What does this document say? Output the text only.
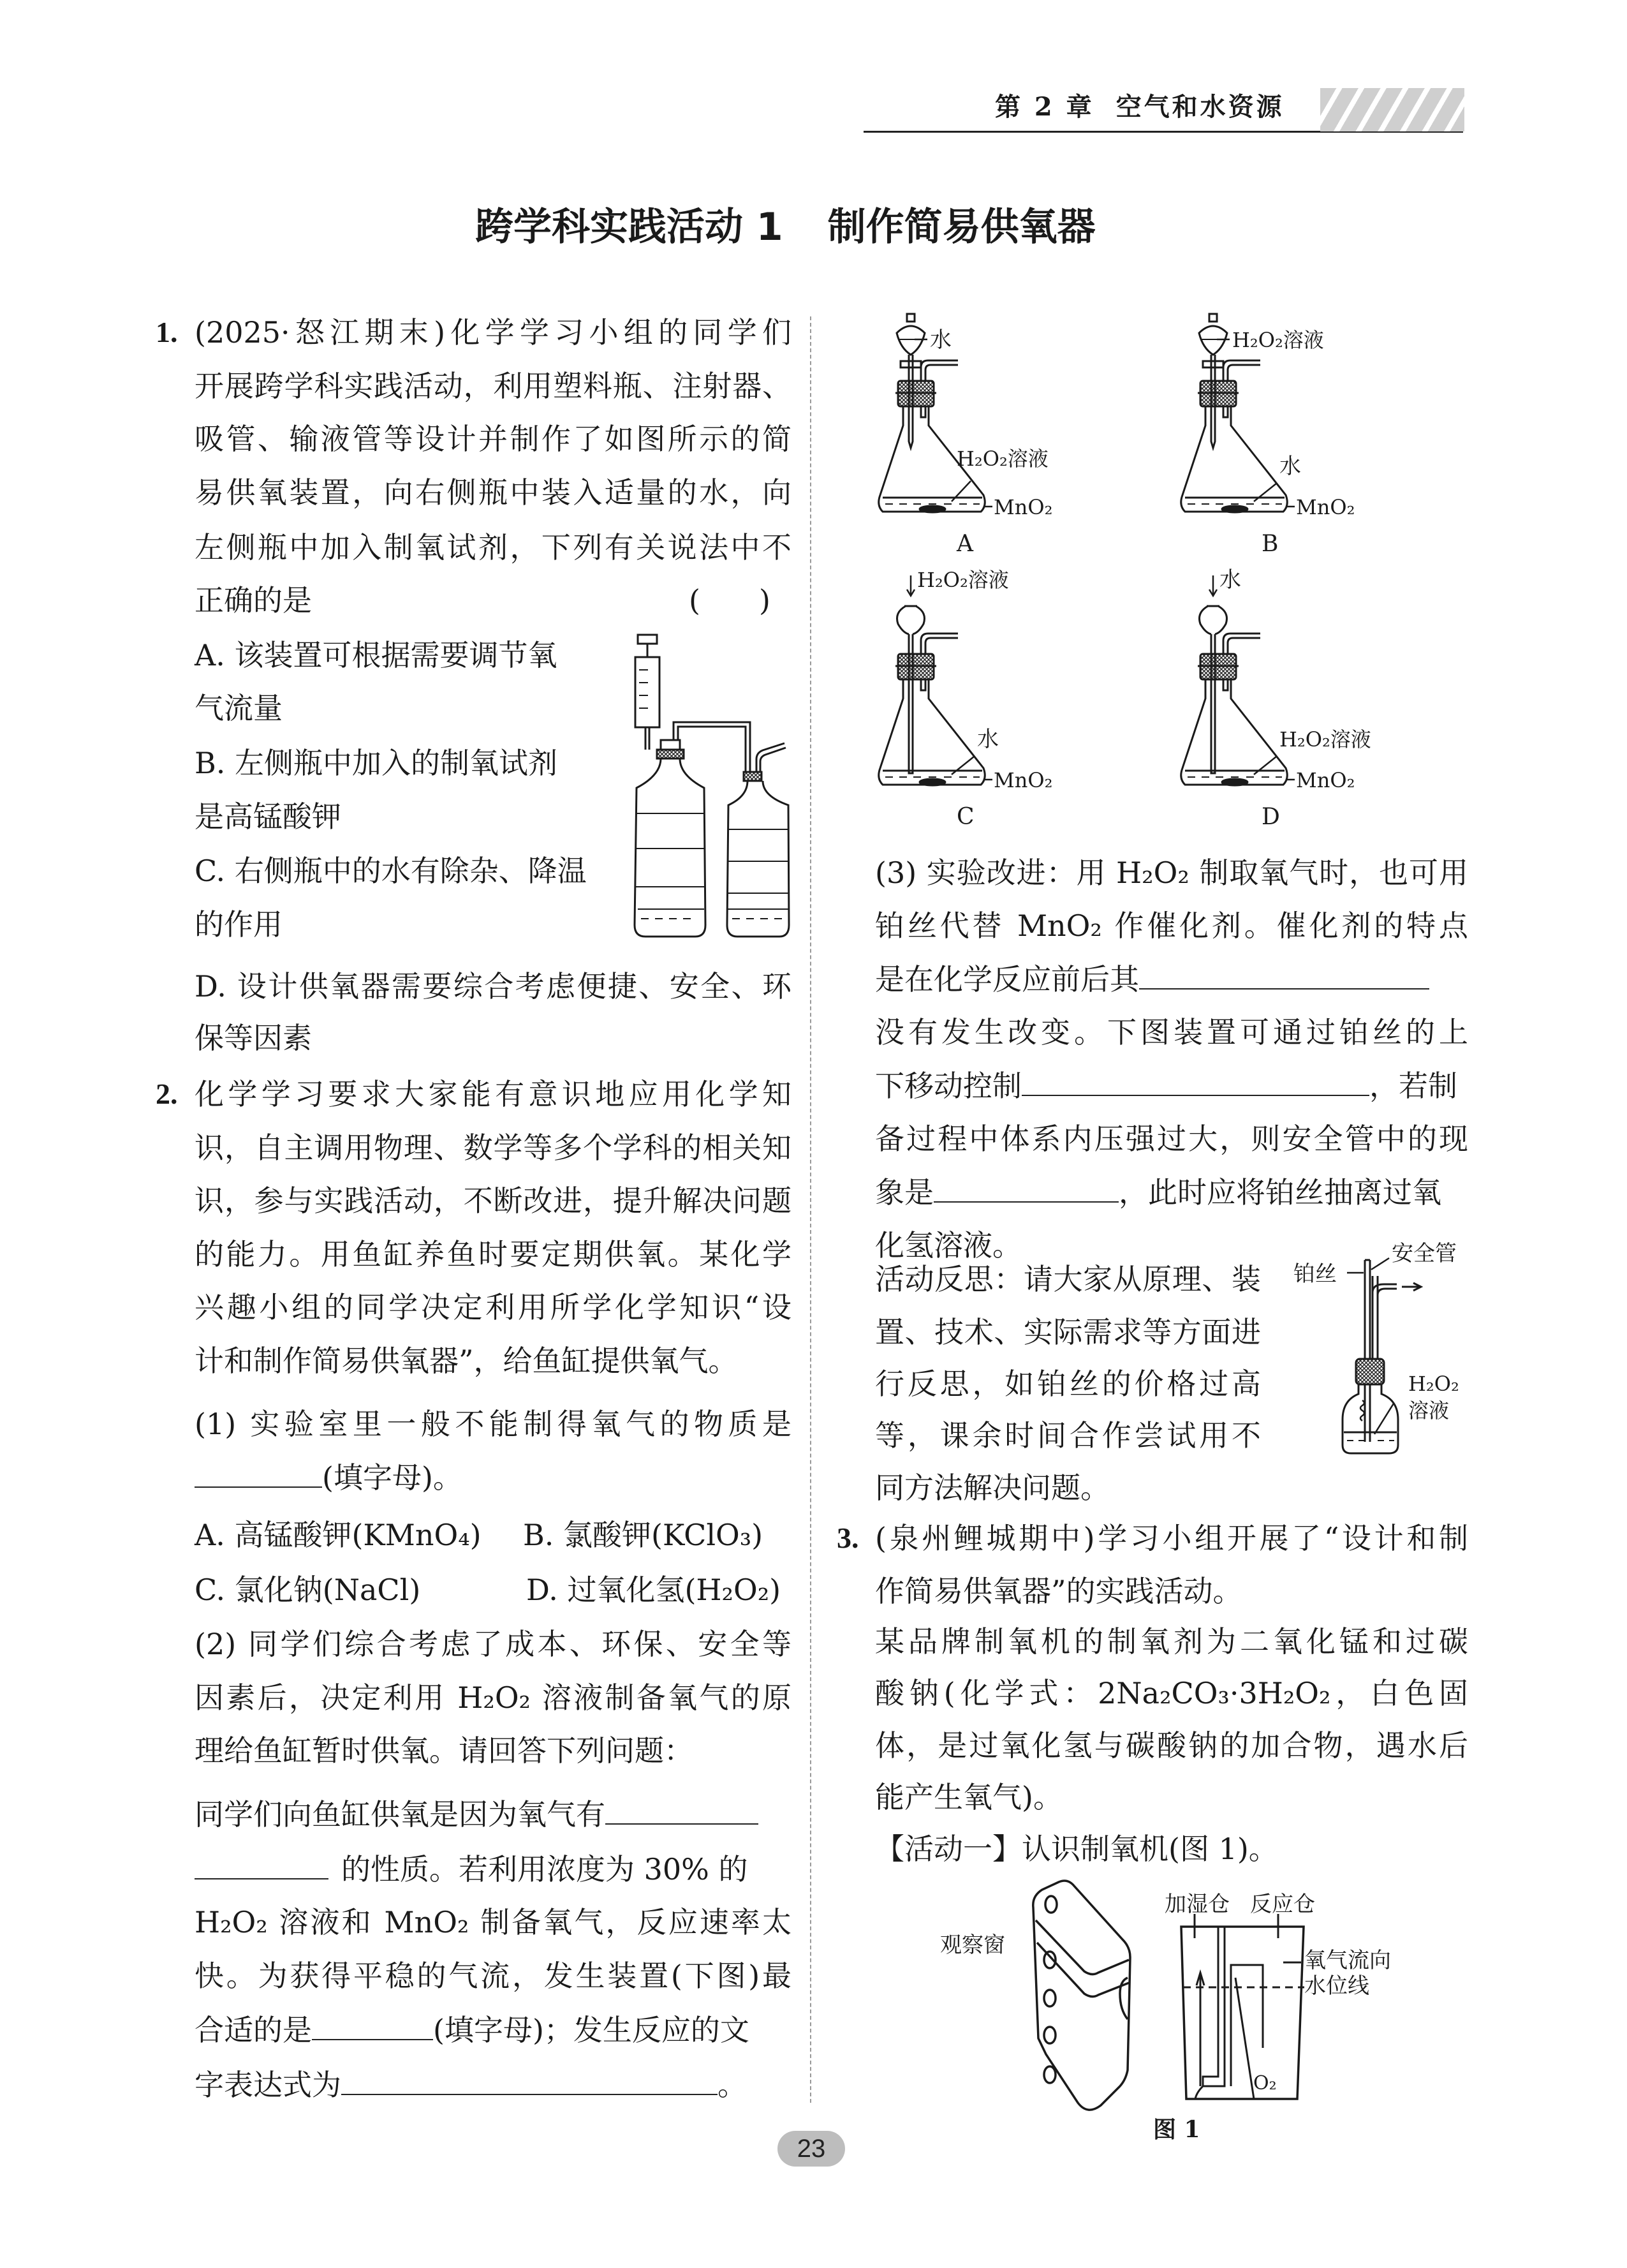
第 2 章 空气和水资源
跨学科实践活动 1 制作简易供氧器
1. (2025·怒江期末)化学学习小组的同学们
开展跨学科实践活动，利用塑料瓶、注射器、
吸管、输液管等设计并制作了如图所示的简
易供氧装置，向右侧瓶中装入适量的水，向
左侧瓶中加入制氧试剂，下列有关说法中不
正确的是	(　　)
A. 该装置可根据需要调节氧
气流量
B. 左侧瓶中加入的制氧试剂
是高锰酸钾
C. 右侧瓶中的水有除杂、降温
的作用
D. 设计供氧器需要综合考虑便捷、安全、环
保等因素
2. 化学学习要求大家能有意识地应用化学知
识，自主调用物理、数学等多个学科的相关知
识，参与实践活动，不断改进，提升解决问题
的能力。用鱼缸养鱼时要定期供氧。某化学
兴趣小组的同学决定利用所学化学知识“设
计和制作简易供氧器”，给鱼缸提供氧气。
(1) 实验室里一般不能制得氧气的物质是
(填字母)。
A. 高锰酸钾(KMnO₄) B. 氯酸钾(KClO₃)
C. 氯化钠(NaCl)	D. 过氧化氢(H₂O₂)
(2) 同学们综合考虑了成本、环保、安全等
因素后，决定利用 H₂O₂ 溶液制备氧气的原
理给鱼缸暂时供氧。请回答下列问题：
同学们向鱼缸供氧是因为氧气有
的性质。若利用浓度为 30% 的
H₂O₂ 溶液和 MnO₂ 制备氧气，反应速率太
快。为获得平稳的气流，发生装置(下图)最
合适的是	(填字母)；发生反应的文
字表达式为	。
(3) 实验改进：用 H₂O₂ 制取氧气时，也可用
铂丝代替 MnO₂ 作催化剂。催化剂的特点
是在化学反应前后其
没有发生改变。下图装置可通过铂丝的上
下移动控制	，若制
备过程中体系内压强过大，则安全管中的现
象是	，此时应将铂丝抽离过氧
化氢溶液。
活动反思：请大家从原理、装
置、技术、实际需求等方面进
行反思，如铂丝的价格过高
等，课余时间合作尝试用不
同方法解决问题。
3. (泉州鲤城期中)学习小组开展了“设计和制
作简易供氧器”的实践活动。
某品牌制氧机的制氧剂为二氧化锰和过碳
酸钠(化学式：2Na₂CO₃·3H₂O₂，白色固
体，是过氧化氢与碳酸钠的加合物，遇水后
能产生氧气)。
【活动一】认识制氧机(图 1)。
23
水
H₂O₂溶液
MnO₂
A
H₂O₂溶液
水
MnO₂
B
H₂O₂溶液
水
MnO₂
C
水
H₂O₂溶液
MnO₂
D
铂丝
安全管
H₂O₂
溶液
观察窗
加湿仓 反应仓
氧气流向
水位线
O₂
图 1
